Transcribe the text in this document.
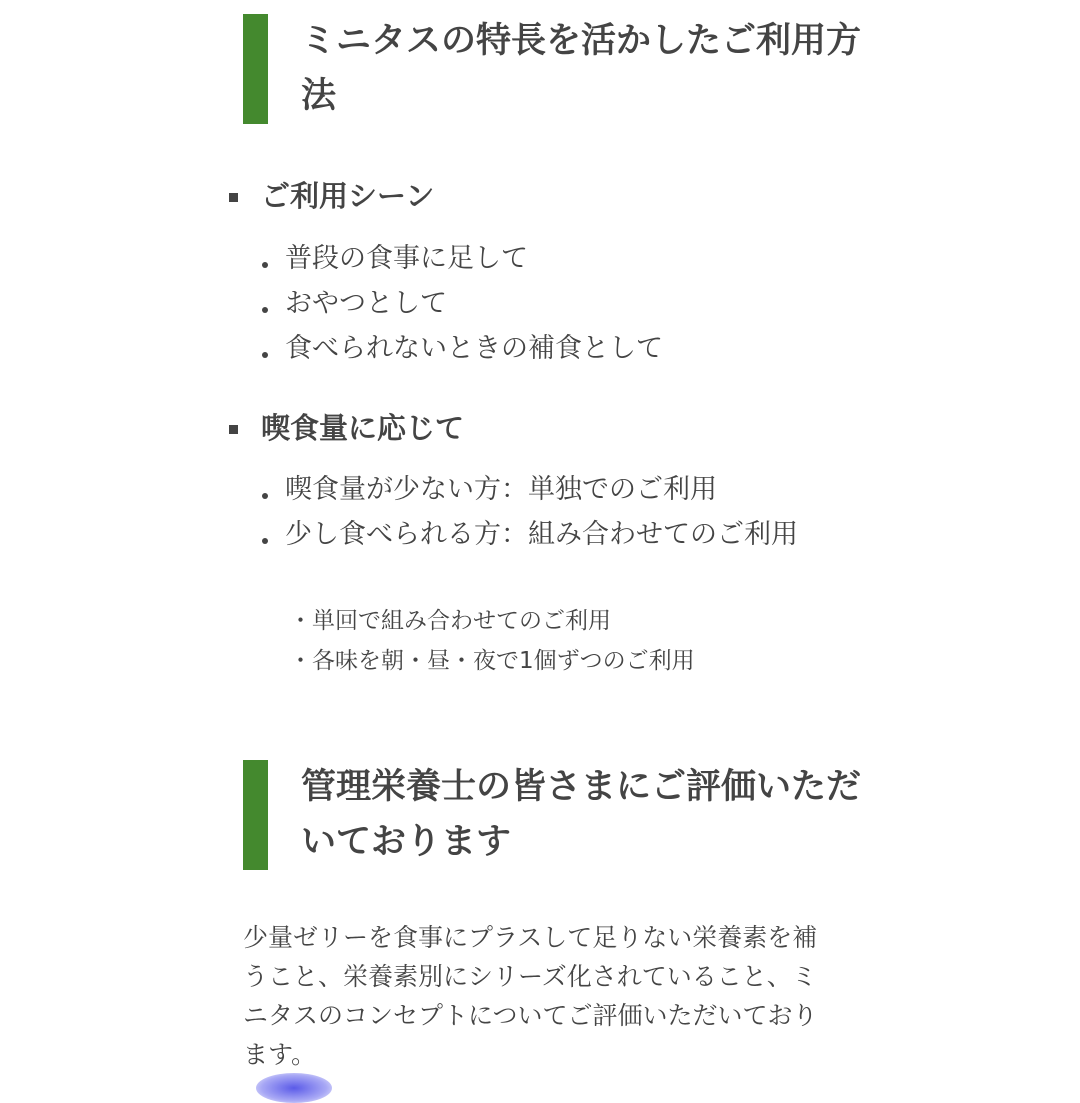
ミニタスの特長を活かしたご利用方法
ご利用シーン
普段の食事に足して
おやつとして
食べられないときの補食として
喫食量に応じて
喫食量が少ない方：単独でのご利用
少し食べられる方：組み合わせてのご利用
・単回で組み合わせてのご利用
・各味を朝・昼・夜で1個ずつのご利用
管理栄養士の皆さまにご評価いただいております
少量ゼリーを食事にプラスして足りない栄養素を補うこと、栄養素別にシリーズ化されていること、ミニタスのコンセプトについてご評価いただいております。
